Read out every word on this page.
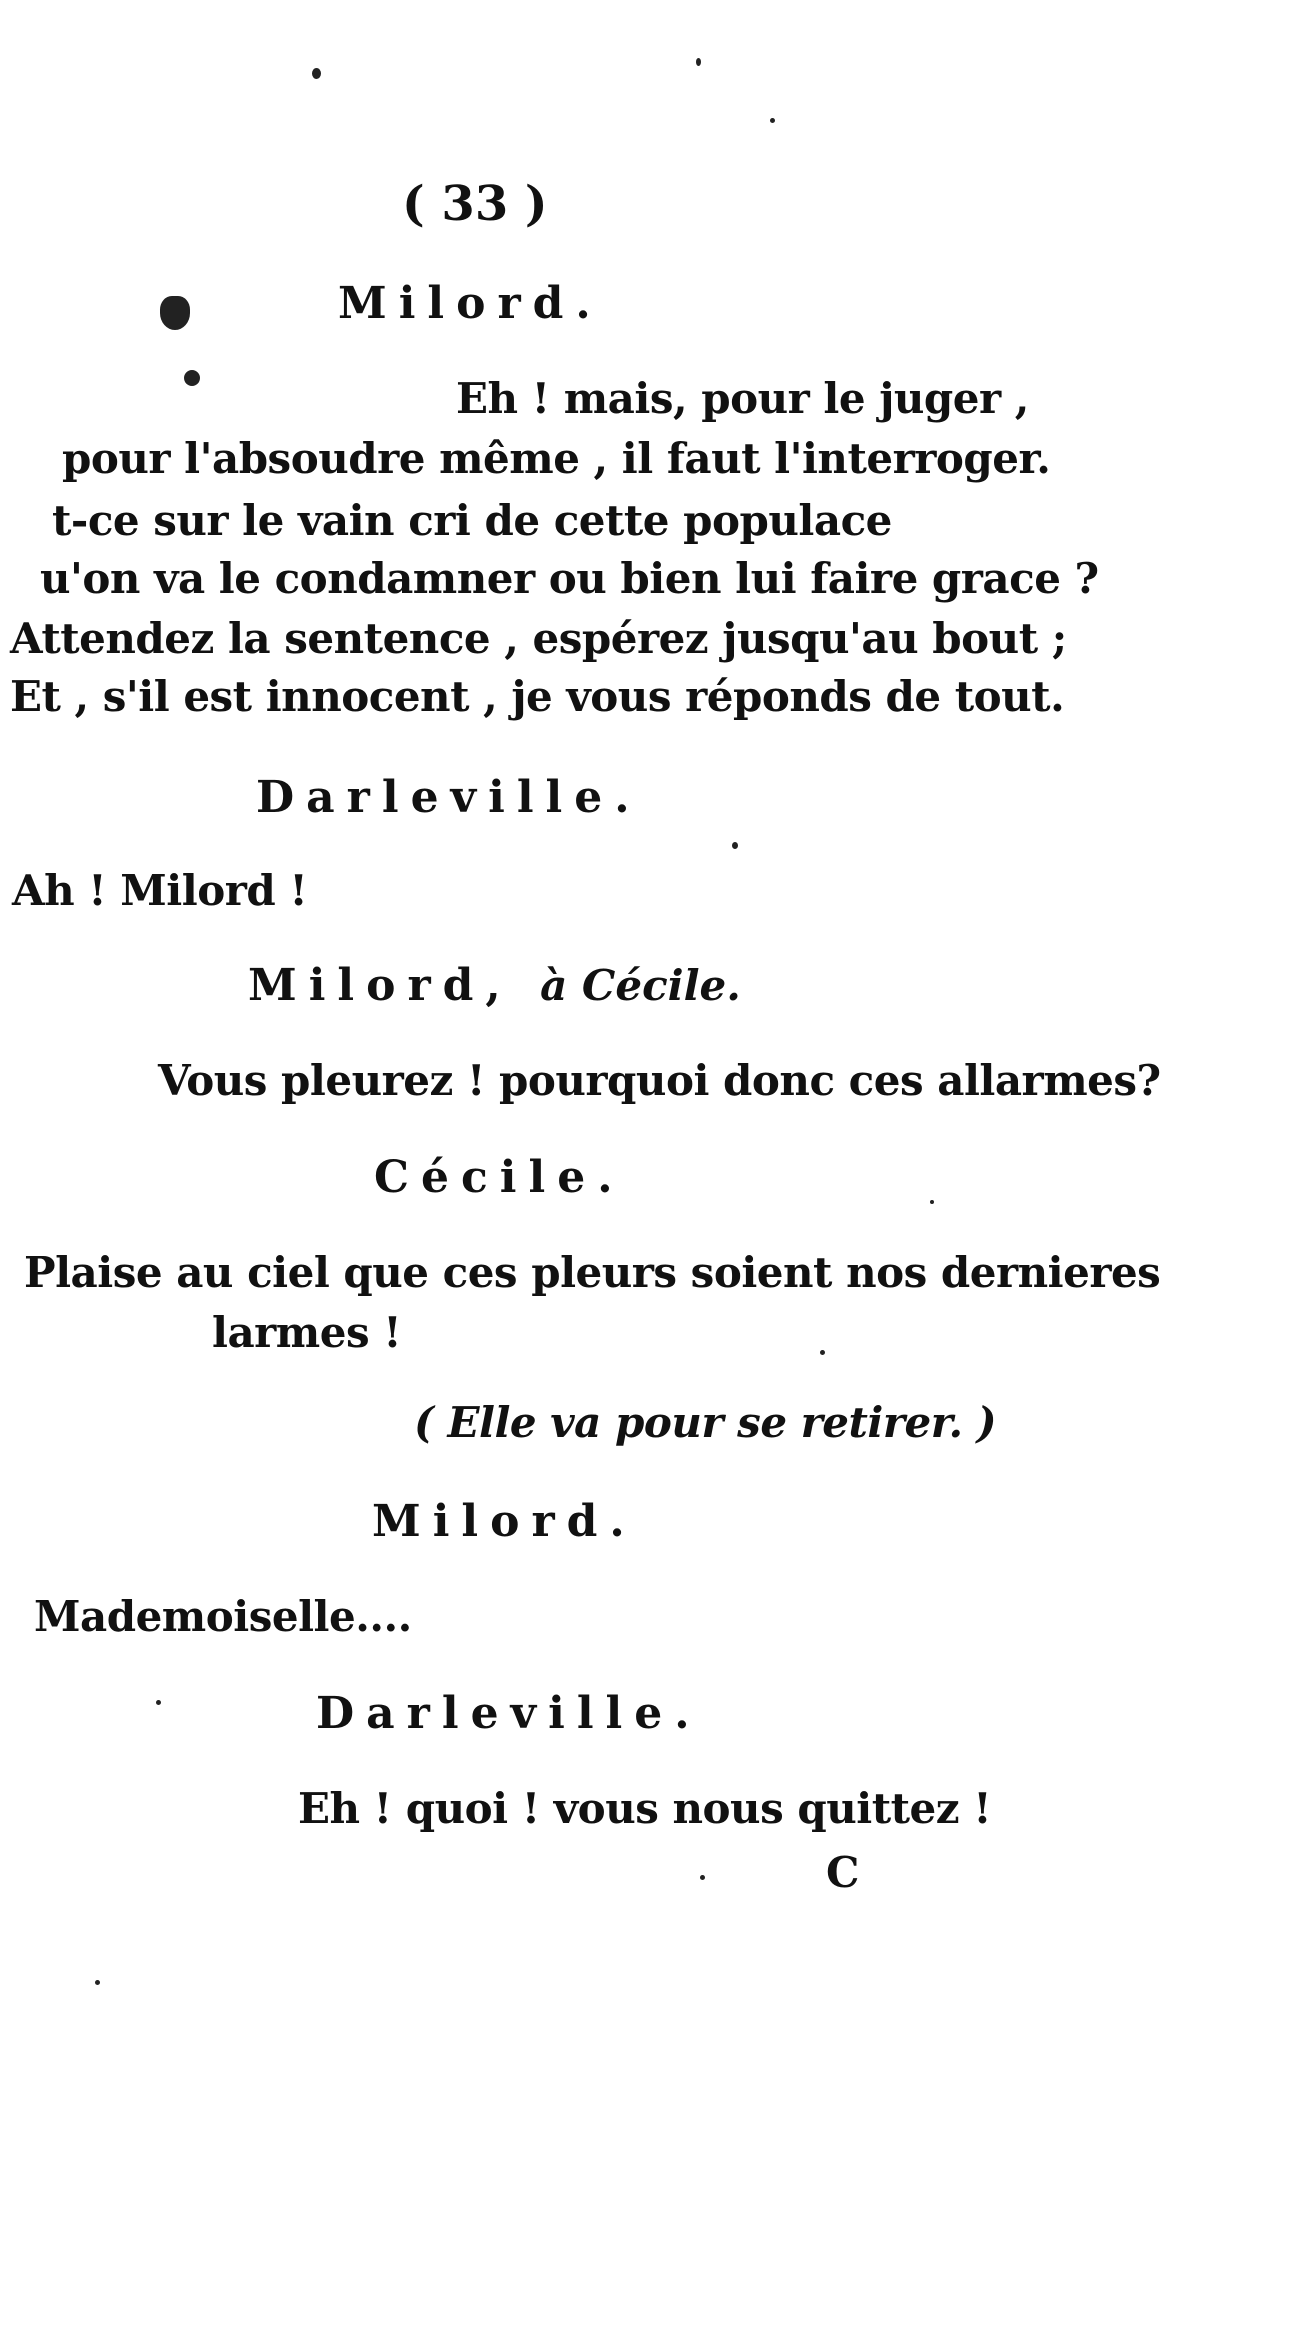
( 33 )
Milord.
Eh ! mais, pour le juger ,
pour l'absoudre même , il faut l'interroger.
t-ce sur le vain cri de cette populace
u'on va le condamner ou bien lui faire grace ?
Attendez la sentence , espérez jusqu'au bout ;
Et , s'il est innocent , je vous réponds de tout.
Darleville.
Ah ! Milord !
Milord, à Cécile.
Vous pleurez ! pourquoi donc ces allarmes?
Cécile.
Plaise au ciel que ces pleurs soient nos dernieres
larmes !
( Elle va pour se retirer. )
Milord.
Mademoiselle....
Darleville.
Eh ! quoi ! vous nous quittez !
C
